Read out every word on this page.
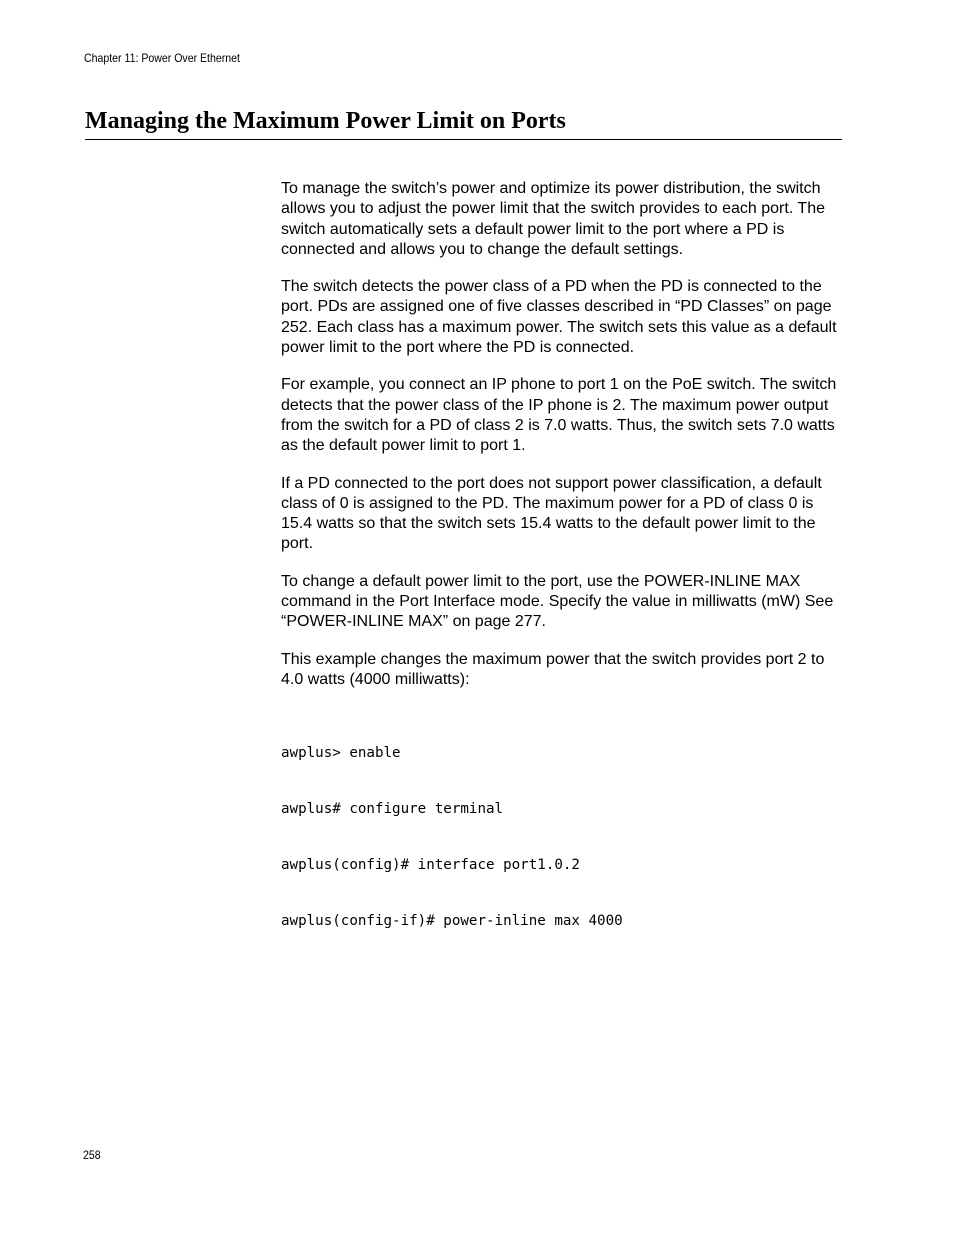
Chapter 11: Power Over Ethernet
Managing the Maximum Power Limit on Ports

To manage the switch’s power and optimize its power distribution, the switch allows you to adjust the power limit that the switch provides to each port. The switch automatically sets a default power limit to the port where a PD is connected and allows you to change the default settings.

The switch detects the power class of a PD when the PD is connected to the port. PDs are assigned one of five classes described in “PD Classes” on page 252. Each class has a maximum power. The switch sets this value as a default power limit to the port where the PD is connected.

For example, you connect an IP phone to port 1 on the PoE switch. The switch detects that the power class of the IP phone is 2. The maximum power output from the switch for a PD of class 2 is 7.0 watts. Thus, the switch sets 7.0 watts as the default power limit to port 1.

If a PD connected to the port does not support power classification, a default class of 0 is assigned to the PD. The maximum power for a PD of class 0 is 15.4 watts so that the switch sets 15.4 watts to the default power limit to the port.

To change a default power limit to the port, use the POWER-INLINE MAX command in the Port Interface mode. Specify the value in milliwatts (mW) See “POWER-INLINE MAX” on page 277.

This example changes the maximum power that the switch provides port 2 to 4.0 watts (4000 milliwatts):

awplus> enable

awplus# configure terminal

awplus(config)# interface port1.0.2

awplus(config-if)# power-inline max 4000

258
